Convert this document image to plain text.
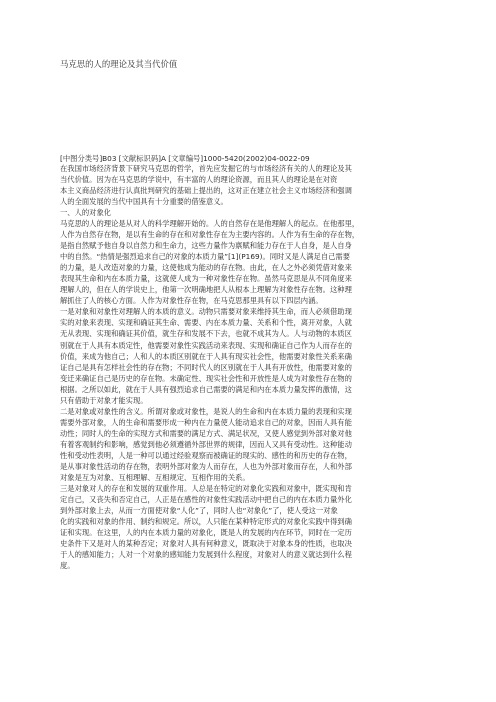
马克思的人的理论及其当代价值
[中图分类号]B03 [文献标识码]A [文章编号]1000-5420(2002)04-0022-09
在我国市场经济背景下研究马克思的哲学，首先应发掘它的与市场经济有关的人的理论及其
当代价值。因为在马克思的学说中，有丰富的人的理论资源，而且其人的理论是在对资
本主义商品经济进行认真批判研究的基础上提出的，这对正在建立社会主义市场经济和强调
人的全面发展的当代中国具有十分重要的借鉴意义。
一、人的对象化
马克思的人的理论是从对人的科学理解开始的。人的自然存在是他理解人的起点。在他那里，
人作为自然存在物，是以有生命的存在和对象性存在为主要内容的。人作为有生命的存在物，
是指自然赋予他自身以自然力和生命力，这些力量作为禀赋和能力存在于人自身，是人自身
中的自然。“热情是强烈追求自己的对象的本质力量”[1](P169)。同时又是人满足自己需要
的力量，是人改造对象的力量，这使他成为能动的存在物。由此，在人之外必须凭借对象来
表现其生命和内在本质力量，这就使人成为一种对象性存在物。虽然马克思是从不同角度来
理解人的，但在人的学说史上，他第一次明确地把人从根本上理解为对象性存在物。这种理
解抓住了人的核心方面。人作为对象性存在物，在马克思那里具有以下四层内涵。
一是对象和对象性对理解人的本质的意义。动物只需要对象来维持其生命，而人必须借助现
实的对象来表现、实现和确证其生命、需要、内在本质力量、关系和个性，离开对象，人就
无从表现、实现和确证其价值，就生存和发展不下去，也就不成其为人。人与动物的本质区
别就在于人具有本质定性，他需要对象性实践活动来表现、实现和确证自己作为人而存在的
价值，来成为他自己；人和人的本质区别就在于人具有现实社会性，他需要对象性关系来确
证自己是具有怎样社会性的存在物；不同时代人的区别就在于人具有开放性，他需要对象的
变迁来确证自己是历史的存在物。未确定性、现实社会性和开放性是人成为对象性存在物的
根据。之所以如此，就在于人具有强烈追求自己需要的满足和内在本质力量发挥的激情，这
只有借助于对象才能实现。
二是对象或对象性的含义。所谓对象或对象性，是说人的生命和内在本质力量的表现和实现
需要外部对象，人的生命和需要形成一种内在力量使人能动追求自己的对象，因而人具有能
动性；同时人的生命的实现方式和需要的满足方式、满足状况，又使人感觉到外部对象对他
有着客观制约和影响，感觉到他必须遵循外部世界的规律，因而人又具有受动性。这种能动
性和受动性表明，人是一种可以通过经验观察而被确证的现实的、感性的和历史的存在物，
是从事对象性活动的存在物，表明外部对象为人而存在，人也为外部对象而存在，人和外部
对象是互为对象、互相理解、互相规定、互相作用的关系。
三是对象对人的存在和发展的双重作用。人总是在特定的对象化实践和对象中，既实现和肯
定自己，又丧失和否定自己，人正是在感性的对象性实践活动中把自己的内在本质力量外化
到外部对象上去，从而一方面使对象“人化”了，同时人也“对象化”了，使人受这一对象
化的实践和对象的作用、制约和规定。所以，人只能在某种特定形式的对象化实践中得到确
证和实现。在这里，人的内在本质力量的对象化，既是人的发展的内在环节，同时在一定历
史条件下又是对人的某种否定；对象对人具有何种意义，既取决于对象本身的性质，也取决
于人的感知能力；人对一个对象的感知能力发展到什么程度，对象对人的意义就达到什么程
度。
